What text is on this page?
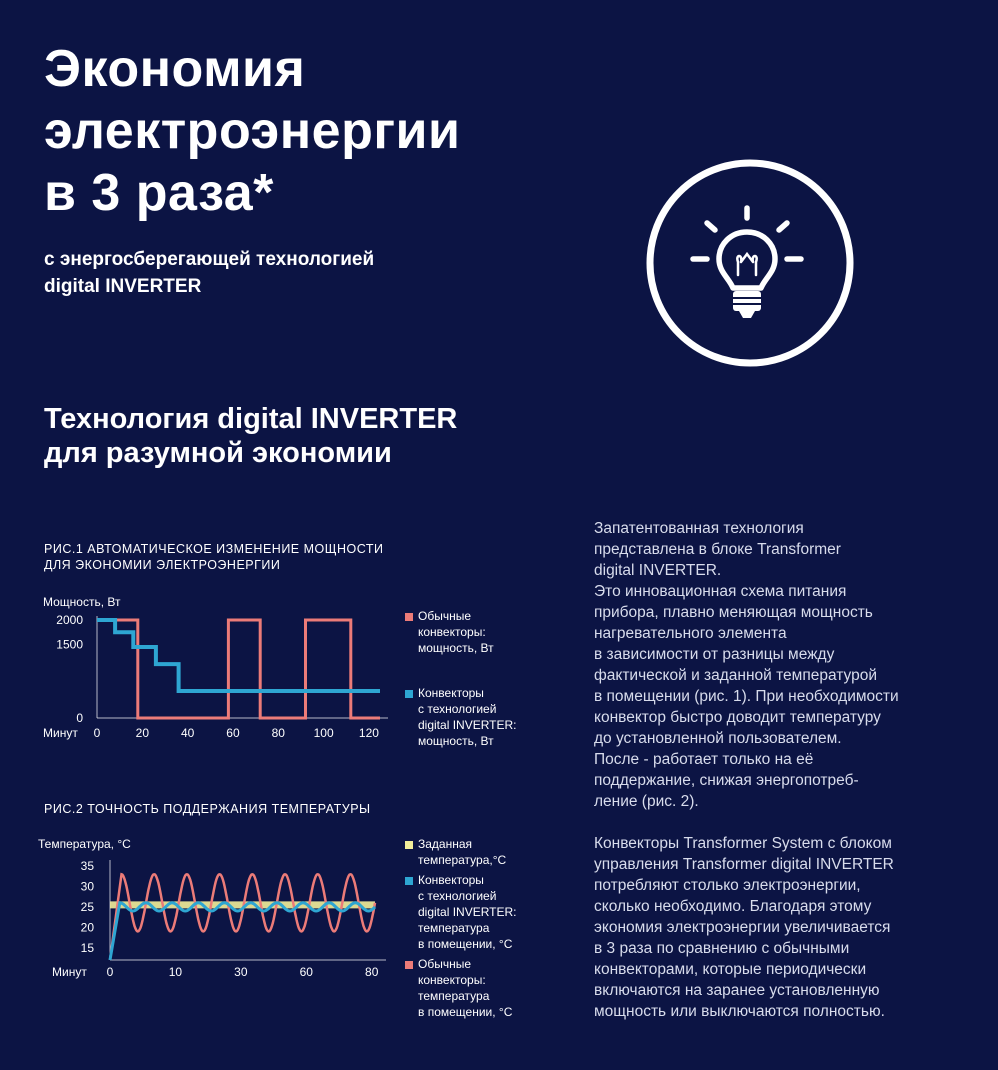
Экономия
электроэнергии
в 3 раза*
с энергосберегающей технологией
digital INVERTER
Технология digital INVERTER
для разумной экономии
РИС.1 АВТОМАТИЧЕСКОЕ ИЗМЕНЕНИЕ МОЩНОСТИ
ДЛЯ ЭКОНОМИИ ЭЛЕКТРОЭНЕРГИИ
Мощность, Вт
0
1500
2000
0	20	40	60	80 100 120
Минут
Обычные
конвекторы:
мощность, Вт
Конвекторы
с технологией
digital INVERTER:
мощность, Вт
РИС.2 ТОЧНОСТЬ ПОДДЕРЖАНИЯ ТЕМПЕРАТУРЫ
Температура, °С
15
20
25
30
35
0	10	30	60	80
Минут
Заданная
температура,°С
Конвекторы
с технологией
digital INVERTER:
температура
в помещении, °С
Обычные
конвекторы:
температура
в помещении, °С

Запатентованная технология
представлена в блоке Transformer
digital INVERTER.
Это инновационная схема питания
прибора, плавно меняющая мощность
нагревательного элемента
в зависимости от разницы между
фактической и заданной температурой
в помещении (рис. 1). При необходимости
конвектор быстро доводит температуру
до установленной пользователем.
После - работает только на её
поддержание, снижая энергопотреб-
ление (рис. 2).

Конвекторы Transformer System с блоком
управления Transformer digital INVERTER
потребляют столько электроэнергии,
сколько необходимо. Благодаря этому
экономия электроэнергии увеличивается
в 3 раза по сравнению с обычными
конвекторами, которые периодически
включаются на заранее установленную
мощность или выключаются полностью.
